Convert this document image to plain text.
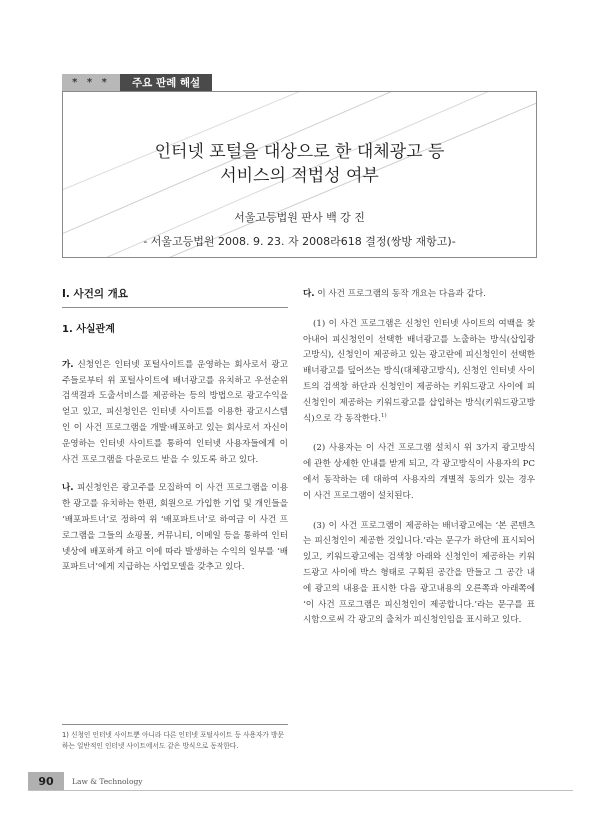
* * *	주요 판례 해설
인터넷 포털을 대상으로 한 대체광고 등
서비스의 적법성 여부
서울고등법원 판사 백 강 진
- 서울고등법원 2008. 9. 23. 자 2008라618 결정(쌍방 재항고)-
I. 사건의 개요
1. 사실관계

가. 신청인은 인터넷 포털사이트를 운영하는 회사로서 광고주들로부터 위 포털사이트에 배너광고를 유치하고 우선순위 검색결과 도출서비스를 제공하는 등의 방법으로 광고수익을 얻고 있고, 피신청인은 인터넷 사이트를 이용한 광고시스템인 이 사건 프로그램을 개발·배포하고 있는 회사로서 자신이 운영하는 인터넷 사이트를 통하여 인터넷 사용자들에게 이 사건 프로그램을 다운로드 받을 수 있도록 하고 있다.

나. 피신청인은 광고주를 모집하여 이 사건 프로그램을 이용한 광고를 유치하는 한편, 회원으로 가입한 기업 및 개인들을 ‘배포파트너’로 정하여 위 ‘배포파트너’로 하여금 이 사건 프로그램을 그들의 쇼핑몰, 커뮤니티, 이메일 등을 통하여 인터넷상에 배포하게 하고 이에 따라 발생하는 수익의 일부를 ‘배포파트너’에게 지급하는 사업모델을 갖추고 있다.

다. 이 사건 프로그램의 동작 개요는 다음과 같다.

(1) 이 사건 프로그램은 신청인 인터넷 사이트의 여백을 찾아내어 피신청인이 선택한 배너광고를 노출하는 방식(삽입광고방식), 신청인이 제공하고 있는 광고란에 피신청인이 선택한 배너광고를 덮어쓰는 방식(대체광고방식), 신청인 인터넷 사이트의 검색창 하단과 신청인이 제공하는 키워드광고 사이에 피신청인이 제공하는 키워드광고를 삽입하는 방식(키워드광고방식)으로 각 동작한다.$^{1)}$

(2) 사용자는 이 사건 프로그램 설치시 위 3가지 광고방식에 관한 상세한 안내를 받게 되고, 각 광고방식이 사용자의 PC에서 동작하는 데 대하여 사용자의 개별적 동의가 있는 경우 이 사건 프로그램이 설치된다.

(3) 이 사건 프로그램이 제공하는 배너광고에는 ‘본 콘텐츠는 피신청인이 제공한 것입니다.’라는 문구가 하단에 표시되어 있고, 키워드광고에는 검색창 아래와 신청인이 제공하는 키워드광고 사이에 박스 형태로 구획된 공간을 만들고 그 공간 내에 광고의 내용을 표시한 다음 광고내용의 오른쪽과 아래쪽에 ‘이 사건 프로그램은 피신청인이 제공합니다.’라는 문구를 표시함으로써 각 광고의 출처가 피신청인임을 표시하고 있다.

1) 신청인 인터넷 사이트뿐 아니라 다른 인터넷 포털사이트 등 사용자가 방문하는 일반적인 인터넷 사이트에서도 같은 방식으로 동작한다.
90	Law & Technology
